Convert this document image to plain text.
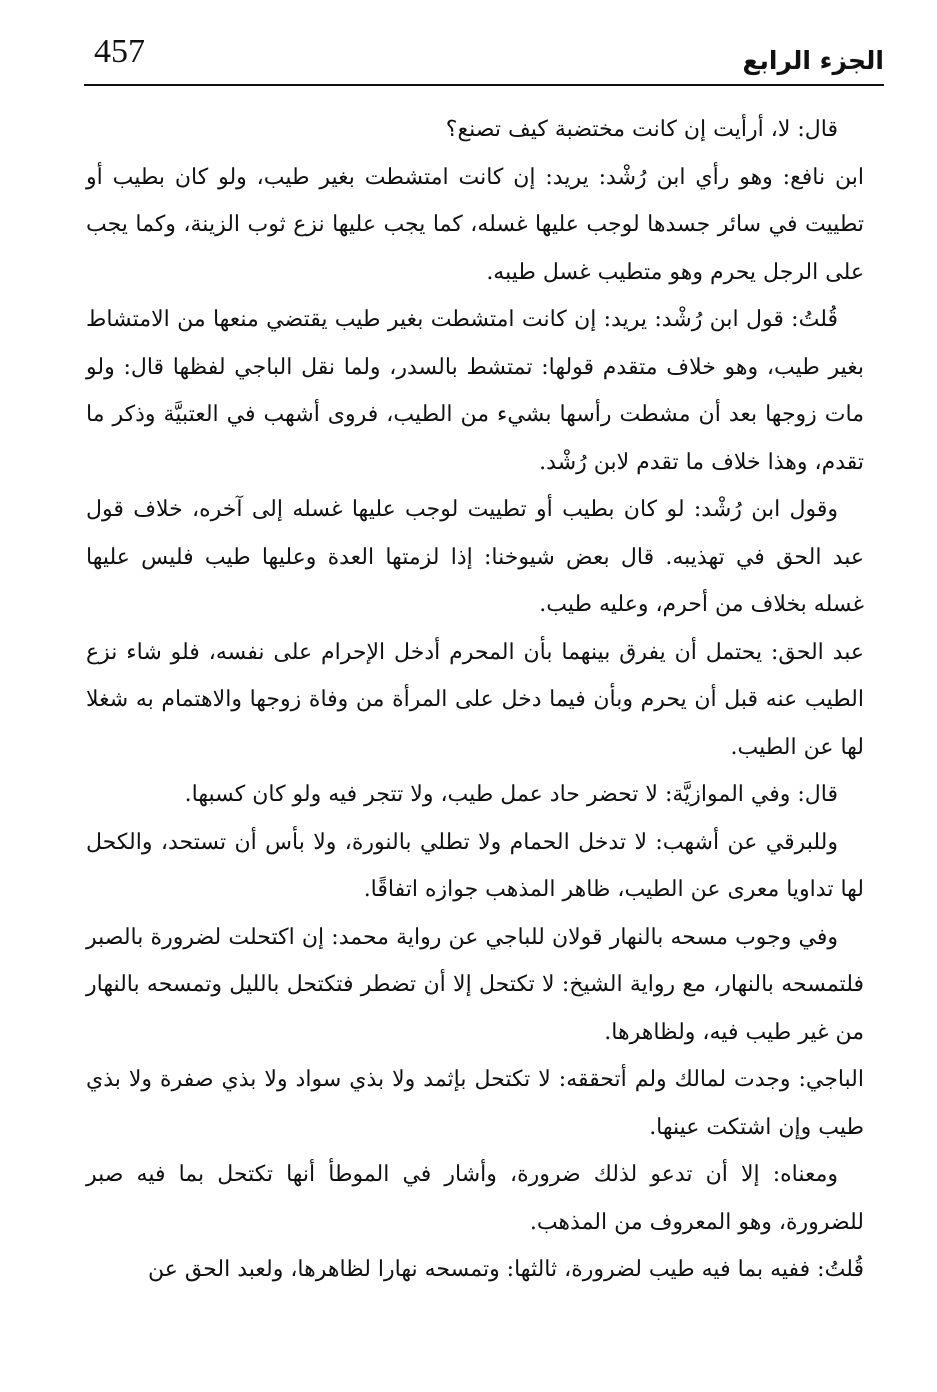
457	الجزء الرابع

قال: لا، أرأيت إن كانت مختضبة كيف تصنع؟

ابن نافع: وهو رأي ابن رُشْد: يريد: إن كانت امتشطت بغير طيب، ولو كان بطيب أو تطييت في سائر جسدها لوجب عليها غسله، كما يجب عليها نزع ثوب الزينة، وكما يجب على الرجل يحرم وهو متطيب غسل طيبه.

قُلتُ: قول ابن رُشْد: يريد: إن كانت امتشطت بغير طيب يقتضي منعها من الامتشاط بغير طيب، وهو خلاف متقدم قولها: تمتشط بالسدر، ولما نقل الباجي لفظها قال: ولو مات زوجها بعد أن مشطت رأسها بشيء من الطيب، فروى أشهب في العتبيَّة وذكر ما تقدم، وهذا خلاف ما تقدم لابن رُشْد.

وقول ابن رُشْد: لو كان بطيب أو تطييت لوجب عليها غسله إلى آخره، خلاف قول عبد الحق في تهذيبه. قال بعض شيوخنا: إذا لزمتها العدة وعليها طيب فليس عليها غسله بخلاف من أحرم، وعليه طيب.

عبد الحق: يحتمل أن يفرق بينهما بأن المحرم أدخل الإحرام على نفسه، فلو شاء نزع الطيب عنه قبل أن يحرم وبأن فيما دخل على المرأة من وفاة زوجها والاهتمام به شغلا لها عن الطيب.

قال: وفي الموازيَّة: لا تحضر حاد عمل طيب، ولا تتجر فيه ولو كان كسبها.

وللبرقي عن أشهب: لا تدخل الحمام ولا تطلي بالنورة، ولا بأس أن تستحد، والكحل لها تداويا معرى عن الطيب، ظاهر المذهب جوازه اتفاقًا.

وفي وجوب مسحه بالنهار قولان للباجي عن رواية محمد: إن اكتحلت لضرورة بالصبر فلتمسحه بالنهار، مع رواية الشيخ: لا تكتحل إلا أن تضطر فتكتحل بالليل وتمسحه بالنهار من غير طيب فيه، ولظاهرها.

الباجي: وجدت لمالك ولم أتحققه: لا تكتحل بإثمد ولا بذي سواد ولا بذي صفرة ولا بذي طيب وإن اشتكت عينها.

ومعناه: إلا أن تدعو لذلك ضرورة، وأشار في الموطأ أنها تكتحل بما فيه صبر للضرورة، وهو المعروف من المذهب.

قُلتُ: ففيه بما فيه طيب لضرورة، ثالثها: وتمسحه نهارا لظاهرها، ولعبد الحق عن
